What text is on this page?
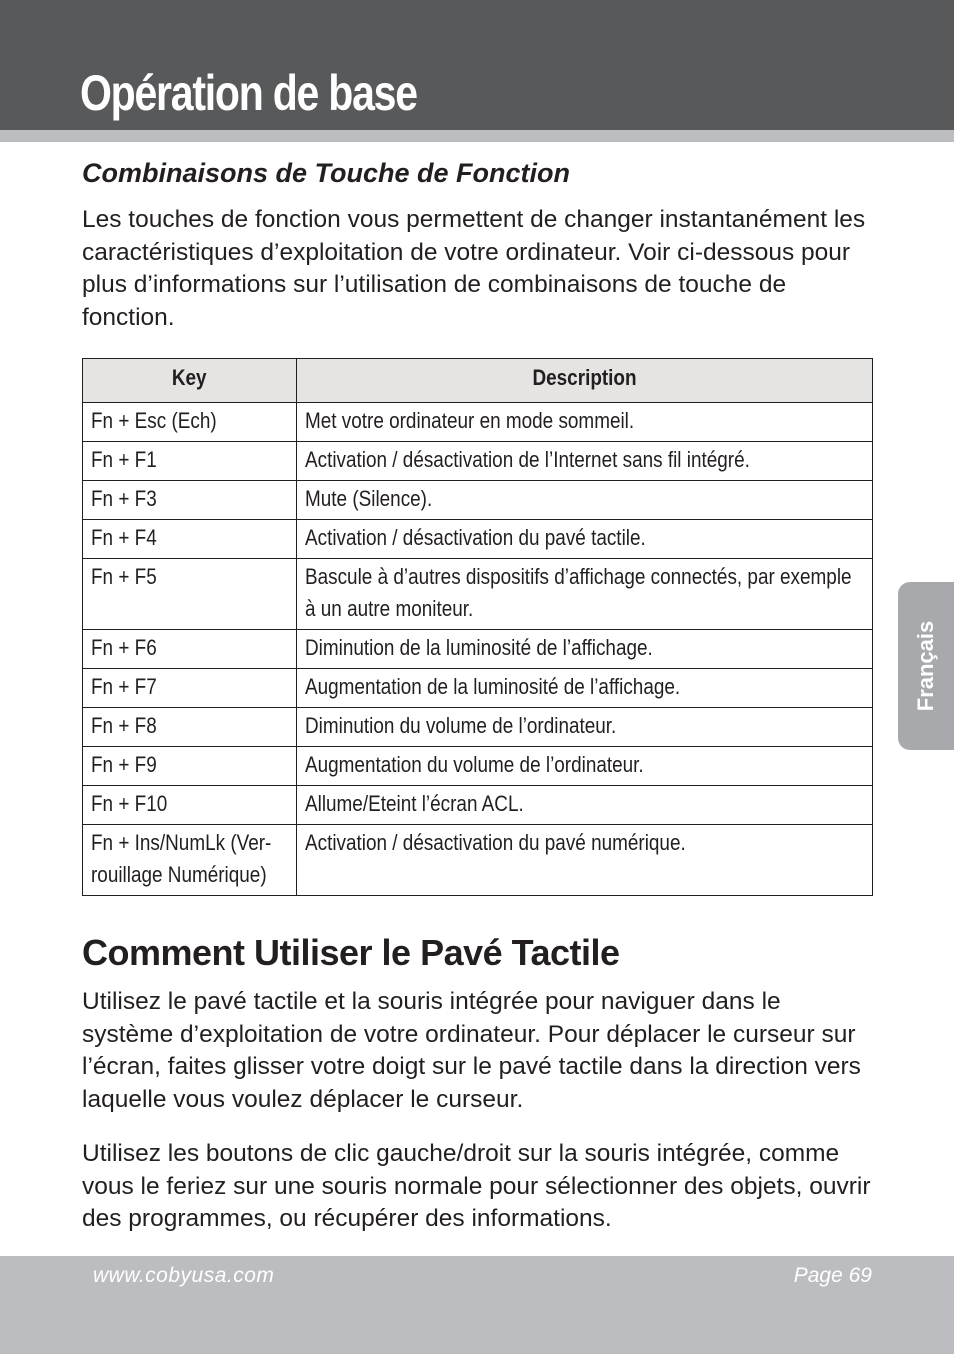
Opération de base
Combinaisons de Touche de Fonction

Les touches de fonction vous permettent de changer instantanément les caractéristiques d’exploitation de votre ordinateur. Voir ci-dessous pour plus d’informations sur l’utilisation de combinaisons de touche de fonction.

Key	Description
Fn + Esc (Ech)	Met votre ordinateur en mode sommeil.
Fn + F1	Activation / désactivation de l’Internet sans fil intégré.
Fn + F3	Mute (Silence).
Fn + F4	Activation / désactivation du pavé tactile.
Fn + F5	Bascule à d’autres dispositifs d’affichage connectés, par exemple à un autre moniteur.

Fn + F6	Diminution de la luminosité de l’affichage.
Fn + F7	Augmentation de la luminosité de l’affichage.
Fn + F8	Diminution du volume de l’ordinateur.
Fn + F9	Augmentation du volume de l’ordinateur.
Fn + F10	Allume/Eteint l’écran ACL.

Fn + Ins/NumLk (Ver-rouillage Numérique)	Activation / désactivation du pavé numérique.
Comment Utiliser le Pavé Tactile

Utilisez le pavé tactile et la souris intégrée pour naviguer dans le système d’exploitation de votre ordinateur. Pour déplacer le curseur sur l’écran, faites glisser votre doigt sur le pavé tactile dans la direction vers laquelle vous voulez déplacer le curseur.

Utilisez les boutons de clic gauche/droit sur la souris intégrée, comme vous le feriez sur une souris normale pour sélectionner des objets, ouvrir des programmes, ou récupérer des informations.

Français

www.cobyusa.com	Page 69
